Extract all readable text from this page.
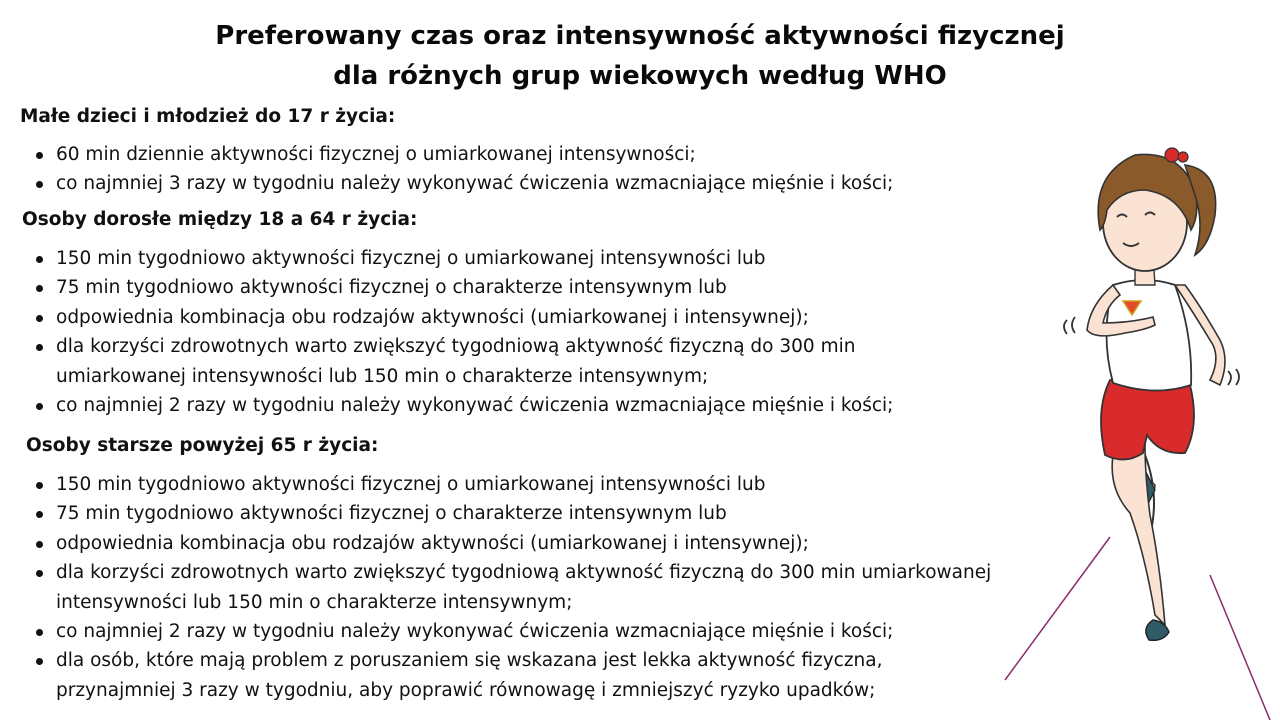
Preferowany czas oraz intensywność aktywności fizycznej
dla różnych grup wiekowych według WHO
Małe dzieci i młodzież do 17 r życia:
60 min dziennie aktywności fizycznej o umiarkowanej intensywności;
co najmniej 3 razy w tygodniu należy wykonywać ćwiczenia wzmacniające mięśnie i kości;
Osoby dorosłe między 18 a 64 r życia:
150 min tygodniowo aktywności fizycznej o umiarkowanej intensywności lub
75 min tygodniowo aktywności fizycznej o charakterze intensywnym lub
odpowiednia kombinacja obu rodzajów aktywności (umiarkowanej i intensywnej);
dla korzyści zdrowotnych warto zwiększyć tygodniową aktywność fizyczną do 300 min
umiarkowanej intensywności lub 150 min o charakterze intensywnym;
co najmniej 2 razy w tygodniu należy wykonywać ćwiczenia wzmacniające mięśnie i kości;
Osoby starsze powyżej 65 r życia:
150 min tygodniowo aktywności fizycznej o umiarkowanej intensywności lub
75 min tygodniowo aktywności fizycznej o charakterze intensywnym lub
odpowiednia kombinacja obu rodzajów aktywności (umiarkowanej i intensywnej);
dla korzyści zdrowotnych warto zwiększyć tygodniową aktywność fizyczną do 300 min umiarkowanej
intensywności lub 150 min o charakterze intensywnym;
co najmniej 2 razy w tygodniu należy wykonywać ćwiczenia wzmacniające mięśnie i kości;
dla osób, które mają problem z poruszaniem się wskazana jest lekka aktywność fizyczna,
przynajmniej 3 razy w tygodniu, aby poprawić równowagę i zmniejszyć ryzyko upadków;
